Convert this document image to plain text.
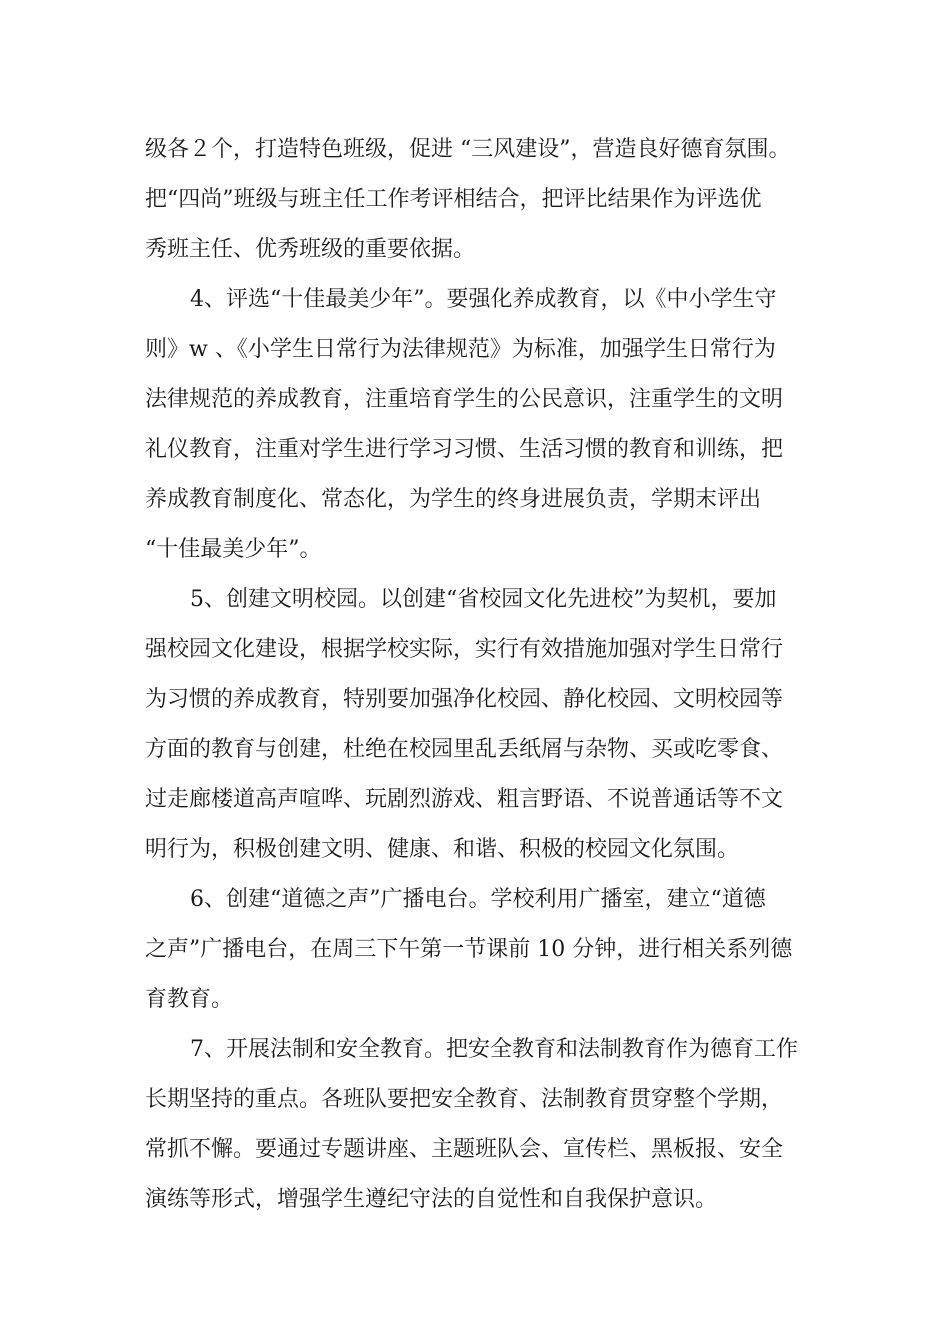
级各２个，打造特色班级，促进 “三风建设”，营造良好德育氛围。
把“四尚”班级与班主任工作考评相结合，把评比结果作为评选优
秀班主任、优秀班级的重要依据。
4、评选“十佳最美少年”。要强化养成教育，以《中小学生守
则》w 、《小学生日常行为法律规范》为标准，加强学生日常行为
法律规范的养成教育，注重培育学生的公民意识，注重学生的文明
礼仪教育，注重对学生进行学习习惯、生活习惯的教育和训练，把
养成教育制度化、常态化，为学生的终身进展负责，学期末评出
“十佳最美少年”。
5、创建文明校园。以创建“省校园文化先进校”为契机，要加
强校园文化建设，根据学校实际，实行有效措施加强对学生日常行
为习惯的养成教育，特别要加强净化校园、静化校园、文明校园等
方面的教育与创建，杜绝在校园里乱丢纸屑与杂物、买或吃零食、
过走廊楼道高声喧哗、玩剧烈游戏、粗言野语、不说普通话等不文
明行为，积极创建文明、健康、和谐、积极的校园文化氛围。
6、创建“道德之声”广播电台。学校利用广播室，建立“道德
之声”广播电台，在周三下午第一节课前 10 分钟，进行相关系列德
育教育。
7、开展法制和安全教育。把安全教育和法制教育作为德育工作
长期坚持的重点。各班队要把安全教育、法制教育贯穿整个学期，
常抓不懈。要通过专题讲座、主题班队会、宣传栏、黑板报、安全
演练等形式，增强学生遵纪守法的自觉性和自我保护意识。
